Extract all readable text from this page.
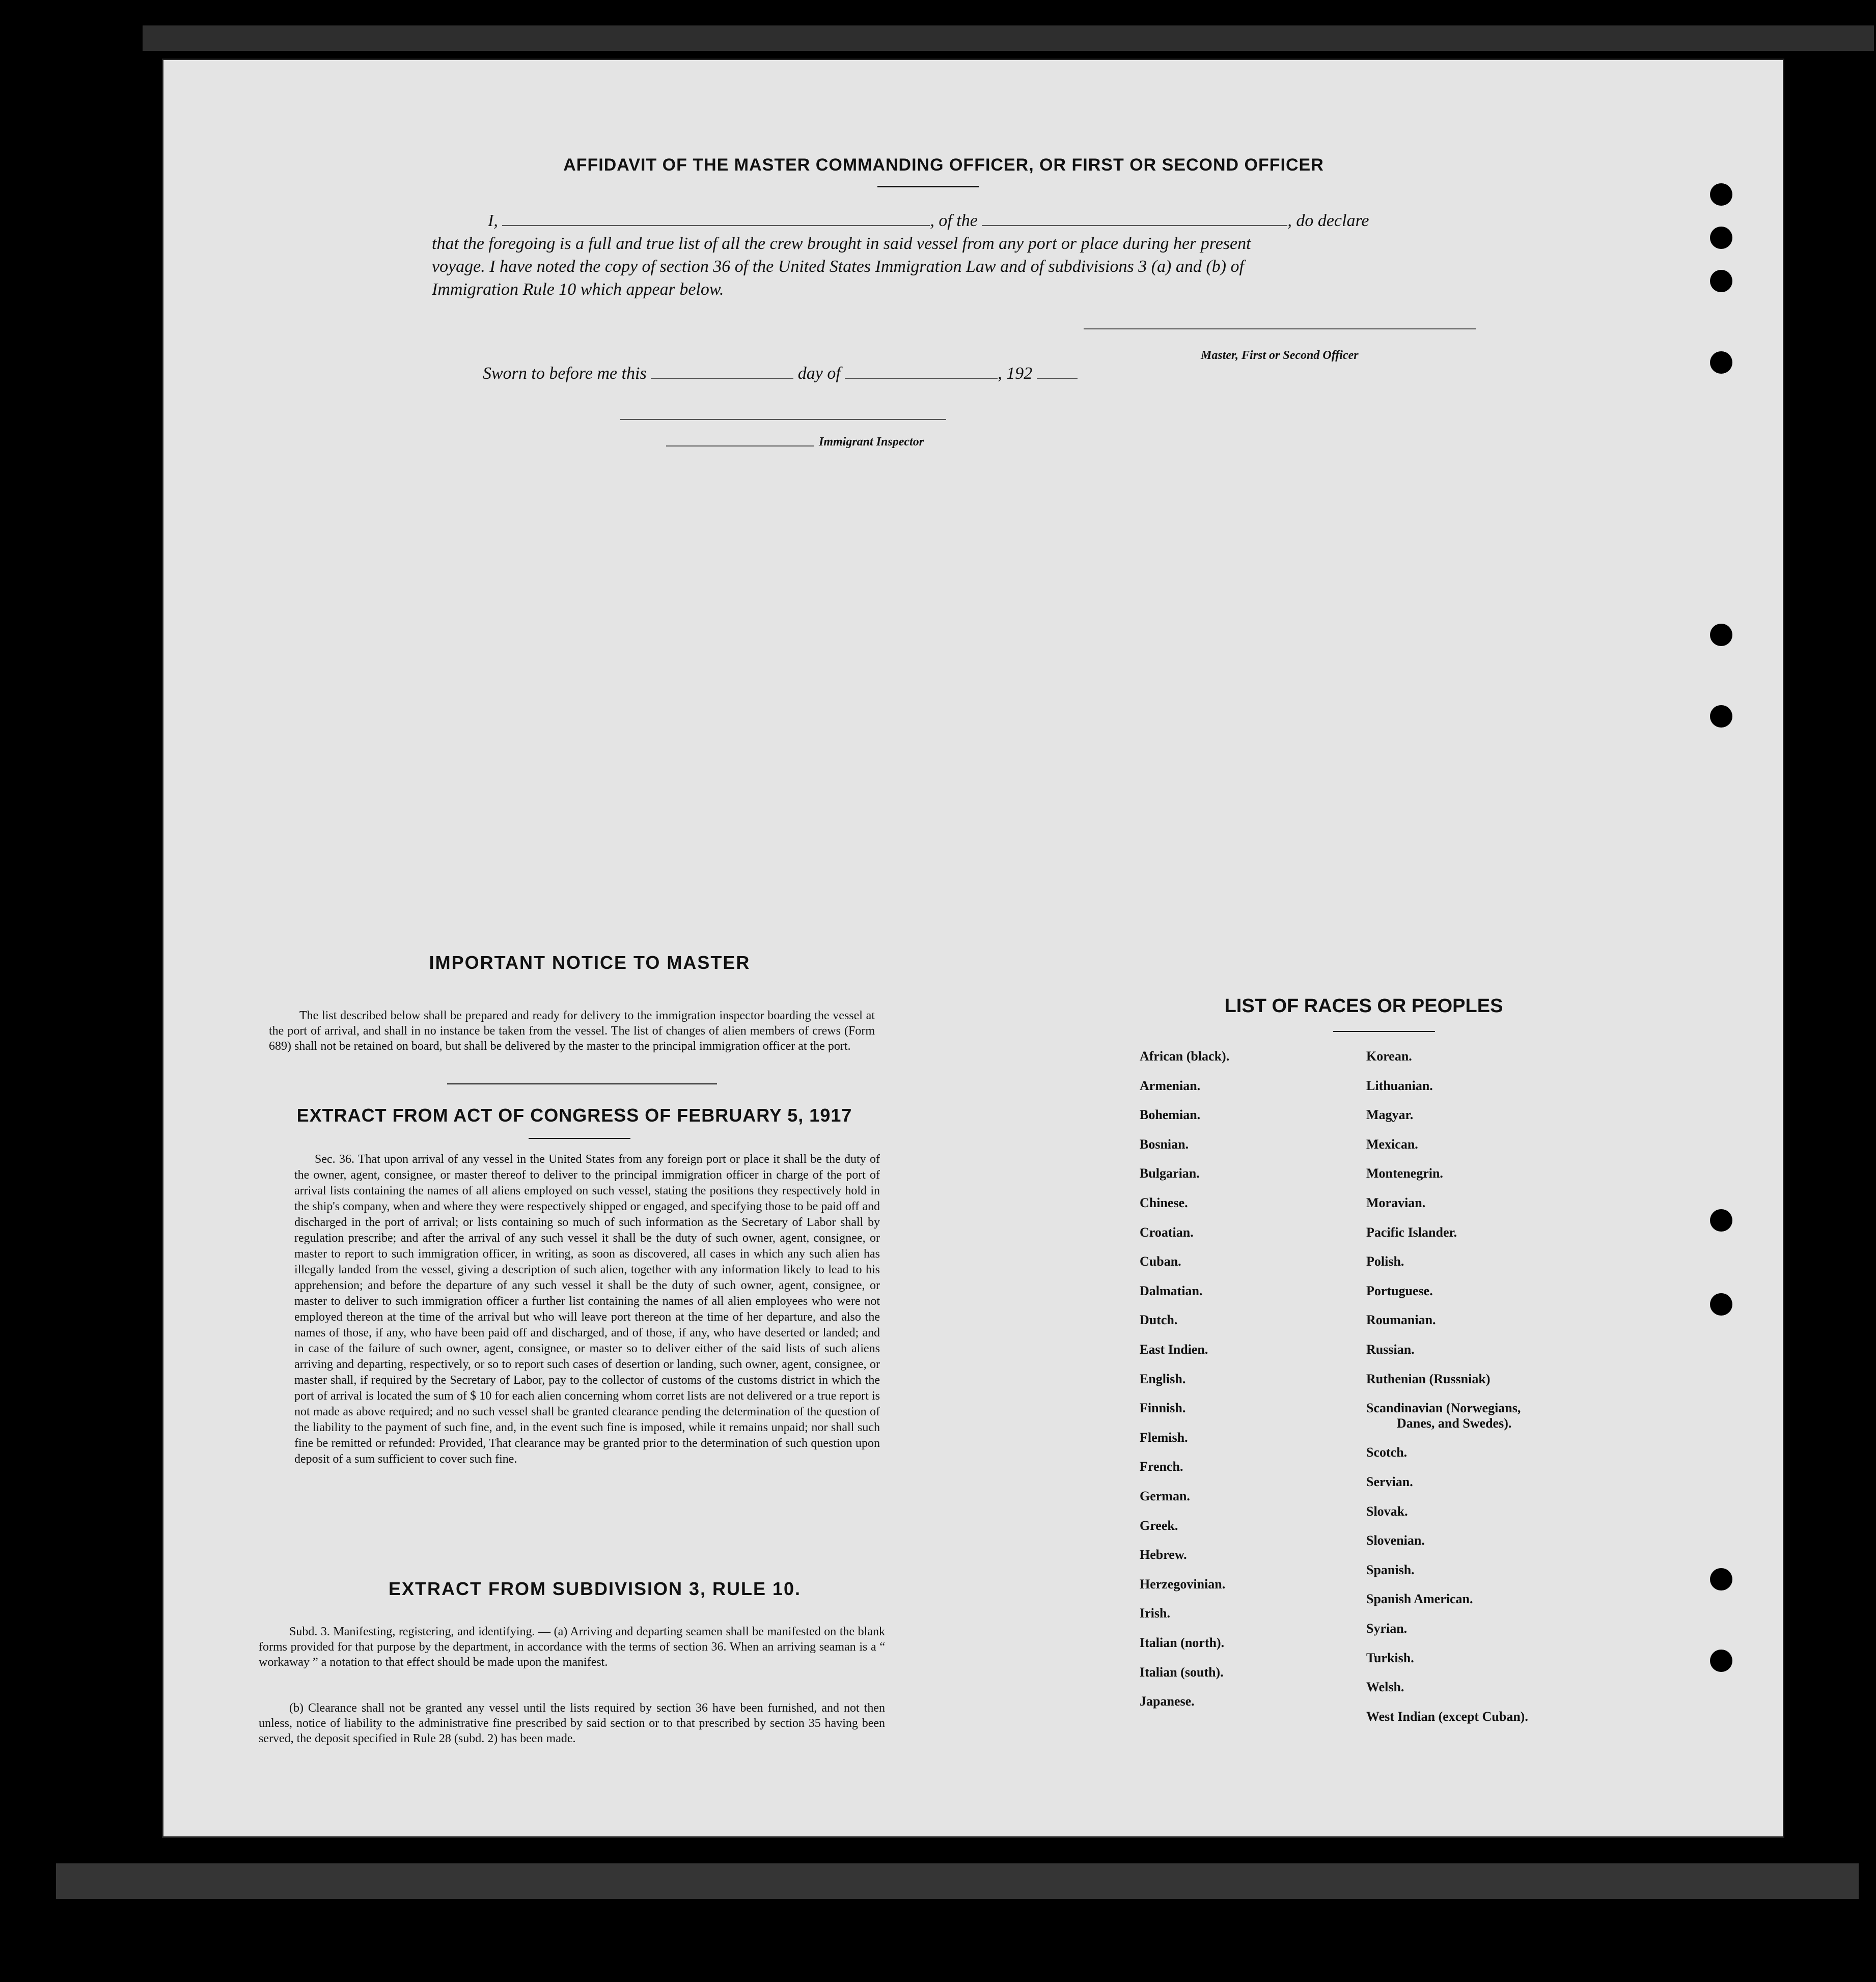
AFFIDAVIT OF THE MASTER COMMANDING OFFICER, OR FIRST OR SECOND OFFICER
I,	, of the	, do declare
that the foregoing is a full and true list of all the crew brought in said vessel from any port or place during her present
voyage. I have noted the copy of section 36 of the United States Immigration Law and of subdivisions 3 (a) and (b) of
Immigration Rule 10 which appear below.
Master, First or Second Officer
Sworn to before me this	day of	, 192
Immigrant Inspector
IMPORTANT NOTICE TO MASTER
The list described below shall be prepared and ready for delivery to the immigration inspector boarding the vessel at the port of arrival, and shall in no instance be taken from the vessel. The list of changes of alien members of crews (Form 689) shall not be retained on board, but shall be delivered by the master to the principal immigration officer at the port.
EXTRACT FROM ACT OF CONGRESS OF FEBRUARY 5, 1917
Sec. 36. That upon arrival of any vessel in the United States from any foreign port or place it shall be the duty of the owner, agent, consignee, or master thereof to deliver to the principal immigration officer in charge of the port of arrival lists containing the names of all aliens employed on such vessel, stating the positions they respectively hold in the ship's company, when and where they were respectively shipped or engaged, and specifying those to be paid off and discharged in the port of arrival; or lists containing so much of such information as the Secretary of Labor shall by regulation prescribe; and after the arrival of any such vessel it shall be the duty of such owner, agent, consignee, or master to report to such immigration officer, in writing, as soon as discovered, all cases in which any such alien has illegally landed from the vessel, giving a description of such alien, together with any information likely to lead to his apprehension; and before the departure of any such vessel it shall be the duty of such owner, agent, consignee, or master to deliver to such immigration officer a further list containing the names of all alien employees who were not employed thereon at the time of the arrival but who will leave port thereon at the time of her departure, and also the names of those, if any, who have been paid off and discharged, and of those, if any, who have deserted or landed; and in case of the failure of such owner, agent, consignee, or master so to deliver either of the said lists of such aliens arriving and departing, respectively, or so to report such cases of desertion or landing, such owner, agent, consignee, or master shall, if required by the Secretary of Labor, pay to the collector of customs of the customs district in which the port of arrival is located the sum of $ 10 for each alien concerning whom corret lists are not delivered or a true report is not made as above required; and no such vessel shall be granted clearance pending the determination of the question of the liability to the payment of such fine, and, in the event such fine is imposed, while it remains unpaid; nor shall such fine be remitted or refunded: Provided, That clearance may be granted prior to the determination of such question upon deposit of a sum sufficient to cover such fine.
EXTRACT FROM SUBDIVISION 3, RULE 10.
Subd. 3. Manifesting, registering, and identifying. — (a) Arriving and departing seamen shall be manifested on the blank forms provided for that purpose by the department, in accordance with the terms of section 36. When an arriving seaman is a “ workaway ” a notation to that effect should be made upon the manifest.
(b) Clearance shall not be granted any vessel until the lists required by section 36 have been furnished, and not then unless, notice of liability to the administrative fine prescribed by said section or to that prescribed by section 35 having been served, the deposit specified in Rule 28 (subd. 2) has been made.
LIST OF RACES OR PEOPLES
African (black).
Armenian.
Bohemian.
Bosnian.
Bulgarian.
Chinese.
Croatian.
Cuban.
Dalmatian.
Dutch.
East Indien.
English.
Finnish.
Flemish.
French.
German.
Greek.
Hebrew.
Herzegovinian.
Irish.
Italian (north).
Italian (south).
Japanese.
Korean.
Lithuanian.
Magyar.
Mexican.
Montenegrin.
Moravian.
Pacific Islander.
Polish.
Portuguese.
Roumanian.
Russian.
Ruthenian (Russniak)
Scandinavian (Norwegians,
Danes, and Swedes).
Scotch.
Servian.
Slovak.
Slovenian.
Spanish.
Spanish American.
Syrian.
Turkish.
Welsh.
West Indian (except Cuban).
